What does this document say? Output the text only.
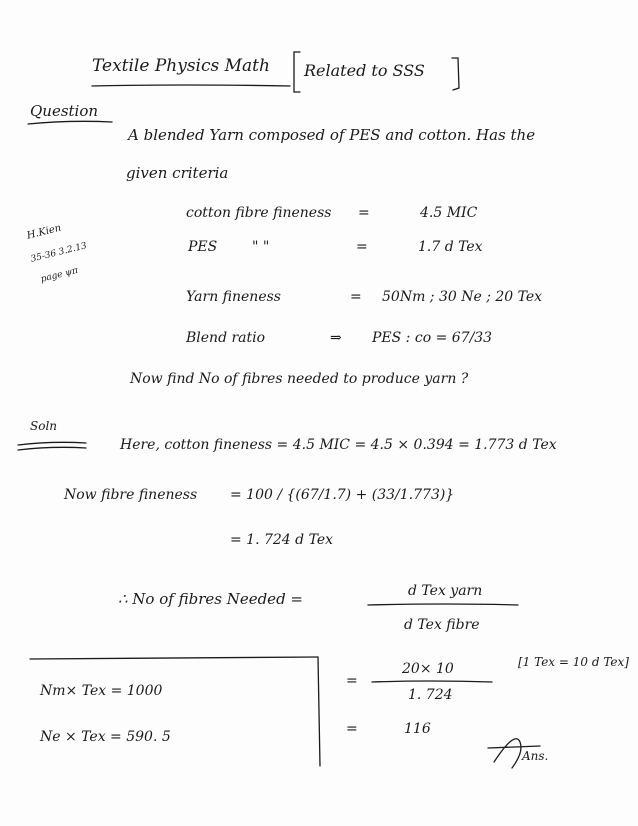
Textile Physics Math Related to SSS
Question
A blended Yarn composed of PES and cotton. Has the
given criteria
cotton fibre fineness =	4.5 MIC
PES " "	=	1.7 d Tex
Yarn fineness	= 50Nm ; 30 Ne ; 20 Tex
Blend ratio	⇒ PES : co = 67/33
Now find No of fibres needed to produce yarn ?
H.Kien
35-36 3.2.13
page ψπ
Soln
Here, cotton fineness = 4.5 MIC = 4.5 × 0.394 = 1.773 d Tex
Now fibre fineness = 100 / {(67/1.7) + (33/1.773)}
= 1. 724 d Tex
∴ No of fibres Needed =	d Tex yarn
d Tex fibre
=
20× 10
1. 724
[1 Tex = 10 d Tex]
=	116
Ans.
Nm× Tex = 1000
Ne × Tex = 590. 5
